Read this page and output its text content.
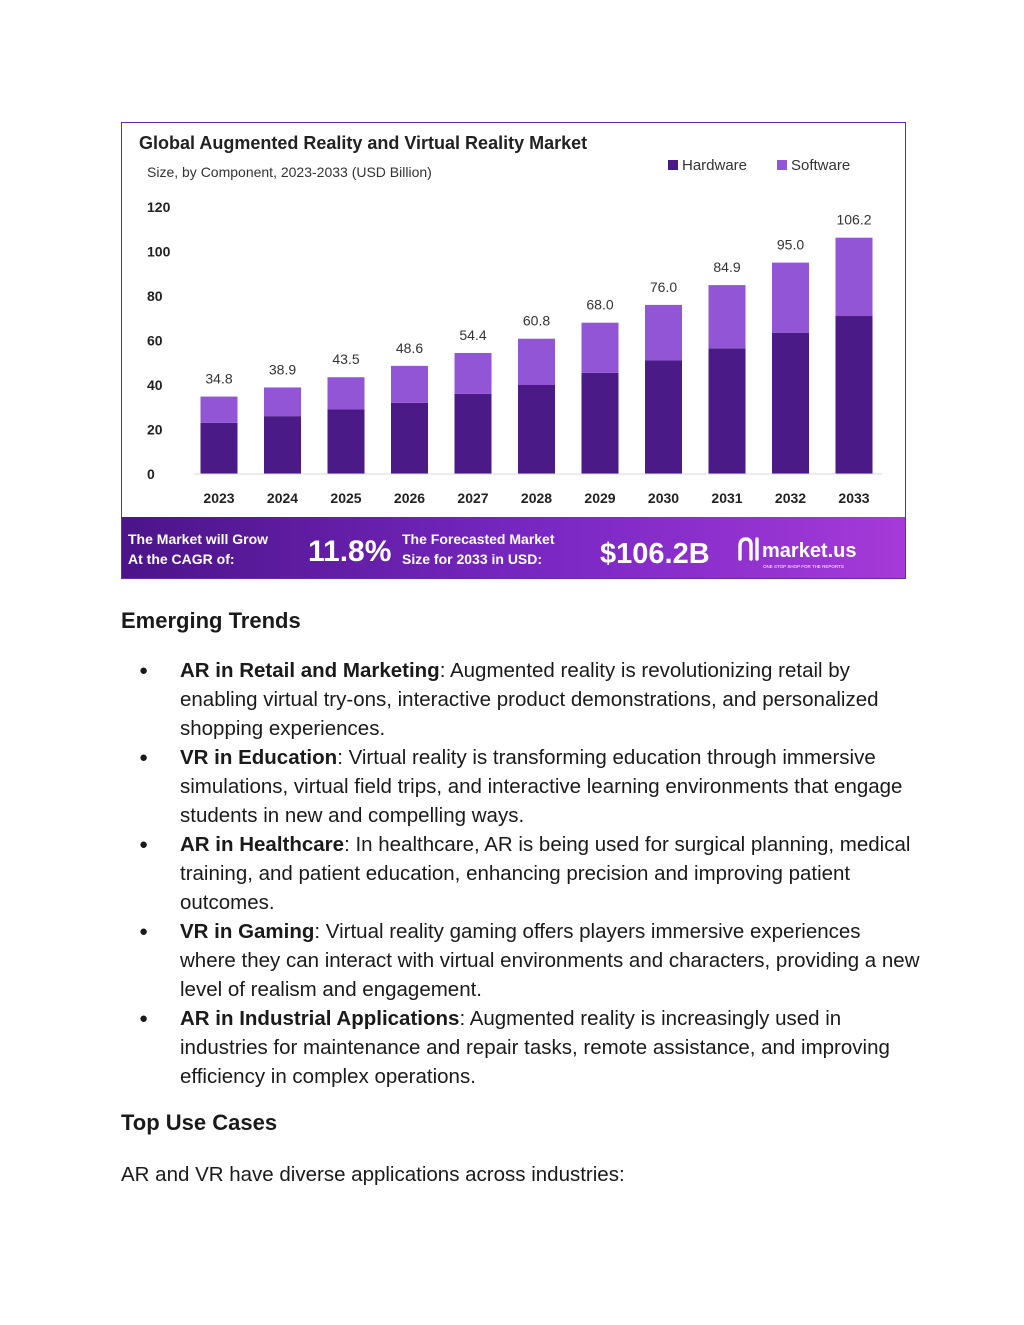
Global Augmented Reality and Virtual Reality Market
Size, by Component, 2023-2033 (USD Billion)	Hardware	Software
0
20
40
60
80
100
120
34.8
38.9
43.5
48.6
54.4
60.8
68.0
76.0
84.9
95.0
106.2
2023 2024 2025 2026 2027 2028 2029 2030 2031 2032 2033
The Market will Grow
At the CAGR of: 11.8% The Forecasted Market
Size for 2033 in USD: $106.2B	market.us
ONE STOP SHOP FOR THE REPORTS
Emerging Trends
● AR in Retail and Marketing: Augmented reality is revolutionizing retail by enabling virtual try-ons, interactive product demonstrations, and personalized shopping experiences.
● VR in Education: Virtual reality is transforming education through immersive simulations, virtual field trips, and interactive learning environments that engage students in new and compelling ways.
● AR in Healthcare: In healthcare, AR is being used for surgical planning, medical training, and patient education, enhancing precision and improving patient outcomes.
● VR in Gaming: Virtual reality gaming offers players immersive experiences where they can interact with virtual environments and characters, providing a new level of realism and engagement.
● AR in Industrial Applications: Augmented reality is increasingly used in industries for maintenance and repair tasks, remote assistance, and improving efficiency in complex operations.
Top Use Cases

AR and VR have diverse applications across industries:
